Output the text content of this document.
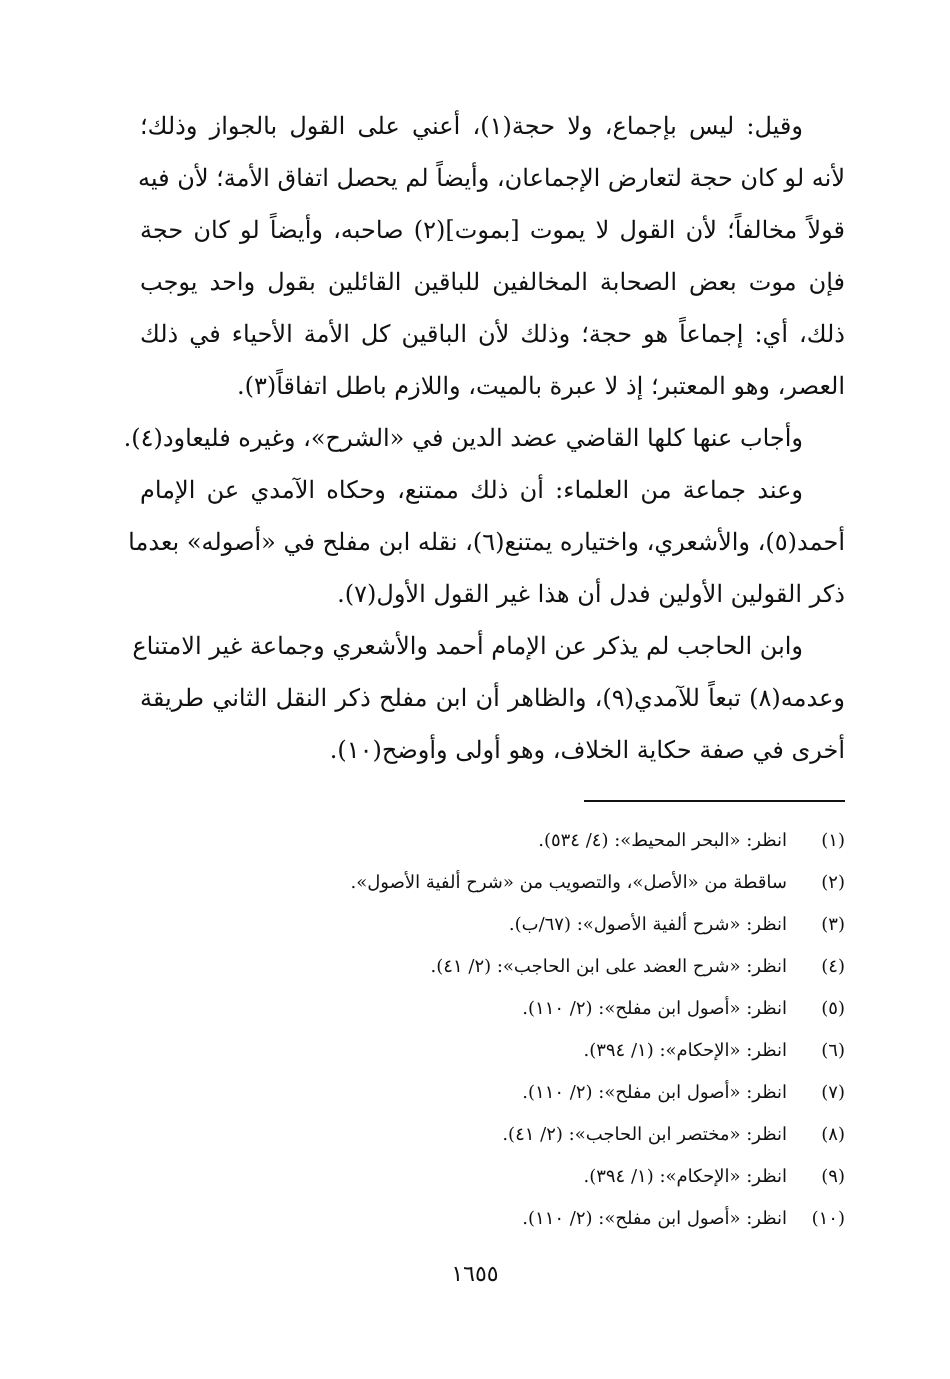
وقيل: ليس بإجماع، ولا حجة(١)، أعني على القول بالجواز وذلك؛
لأنه لو كان حجة لتعارض الإجماعان، وأيضاً لم يحصل اتفاق الأمة؛ لأن فيه
قولاً مخالفاً؛ لأن القول لا يموت [بموت](٢) صاحبه، وأيضاً لو كان حجة
فإن موت بعض الصحابة المخالفين للباقين القائلين بقول واحد يوجب
ذلك، أي: إجماعاً هو حجة؛ وذلك لأن الباقين كل الأمة الأحياء في ذلك
العصر، وهو المعتبر؛ إذ لا عبرة بالميت، واللازم باطل اتفاقاً(٣).
وأجاب عنها كلها القاضي عضد الدين في «الشرح»، وغيره فليعاود(٤).
وعند جماعة من العلماء: أن ذلك ممتنع، وحكاه الآمدي عن الإمام
أحمد(٥)، والأشعري، واختياره يمتنع(٦)، نقله ابن مفلح في «أصوله» بعدما
ذكر القولين الأولين فدل أن هذا غير القول الأول(٧).
وابن الحاجب لم يذكر عن الإمام أحمد والأشعري وجماعة غير الامتناع
وعدمه(٨) تبعاً للآمدي(٩)، والظاهر أن ابن مفلح ذكر النقل الثاني طريقة
أخرى في صفة حكاية الخلاف، وهو أولى وأوضح(١٠).
(١)
انظر: «البحر المحيط»: (٤/ ٥٣٤).
(٢)
ساقطة من «الأصل»، والتصويب من «شرح ألفية الأصول».
(٣)
انظر: «شرح ألفية الأصول»: (٦٧/ب).
(٤)
انظر: «شرح العضد على ابن الحاجب»: (٢/ ٤١).
(٥)
انظر: «أصول ابن مفلح»: (٢/ ١١٠).
(٦)
انظر: «الإحكام»: (١/ ٣٩٤).
(٧)
انظر: «أصول ابن مفلح»: (٢/ ١١٠).
(٨)
انظر: «مختصر ابن الحاجب»: (٢/ ٤١).
(٩)
انظر: «الإحكام»: (١/ ٣٩٤).
(١٠)
انظر: «أصول ابن مفلح»: (٢/ ١١٠).
١٦٥٥
